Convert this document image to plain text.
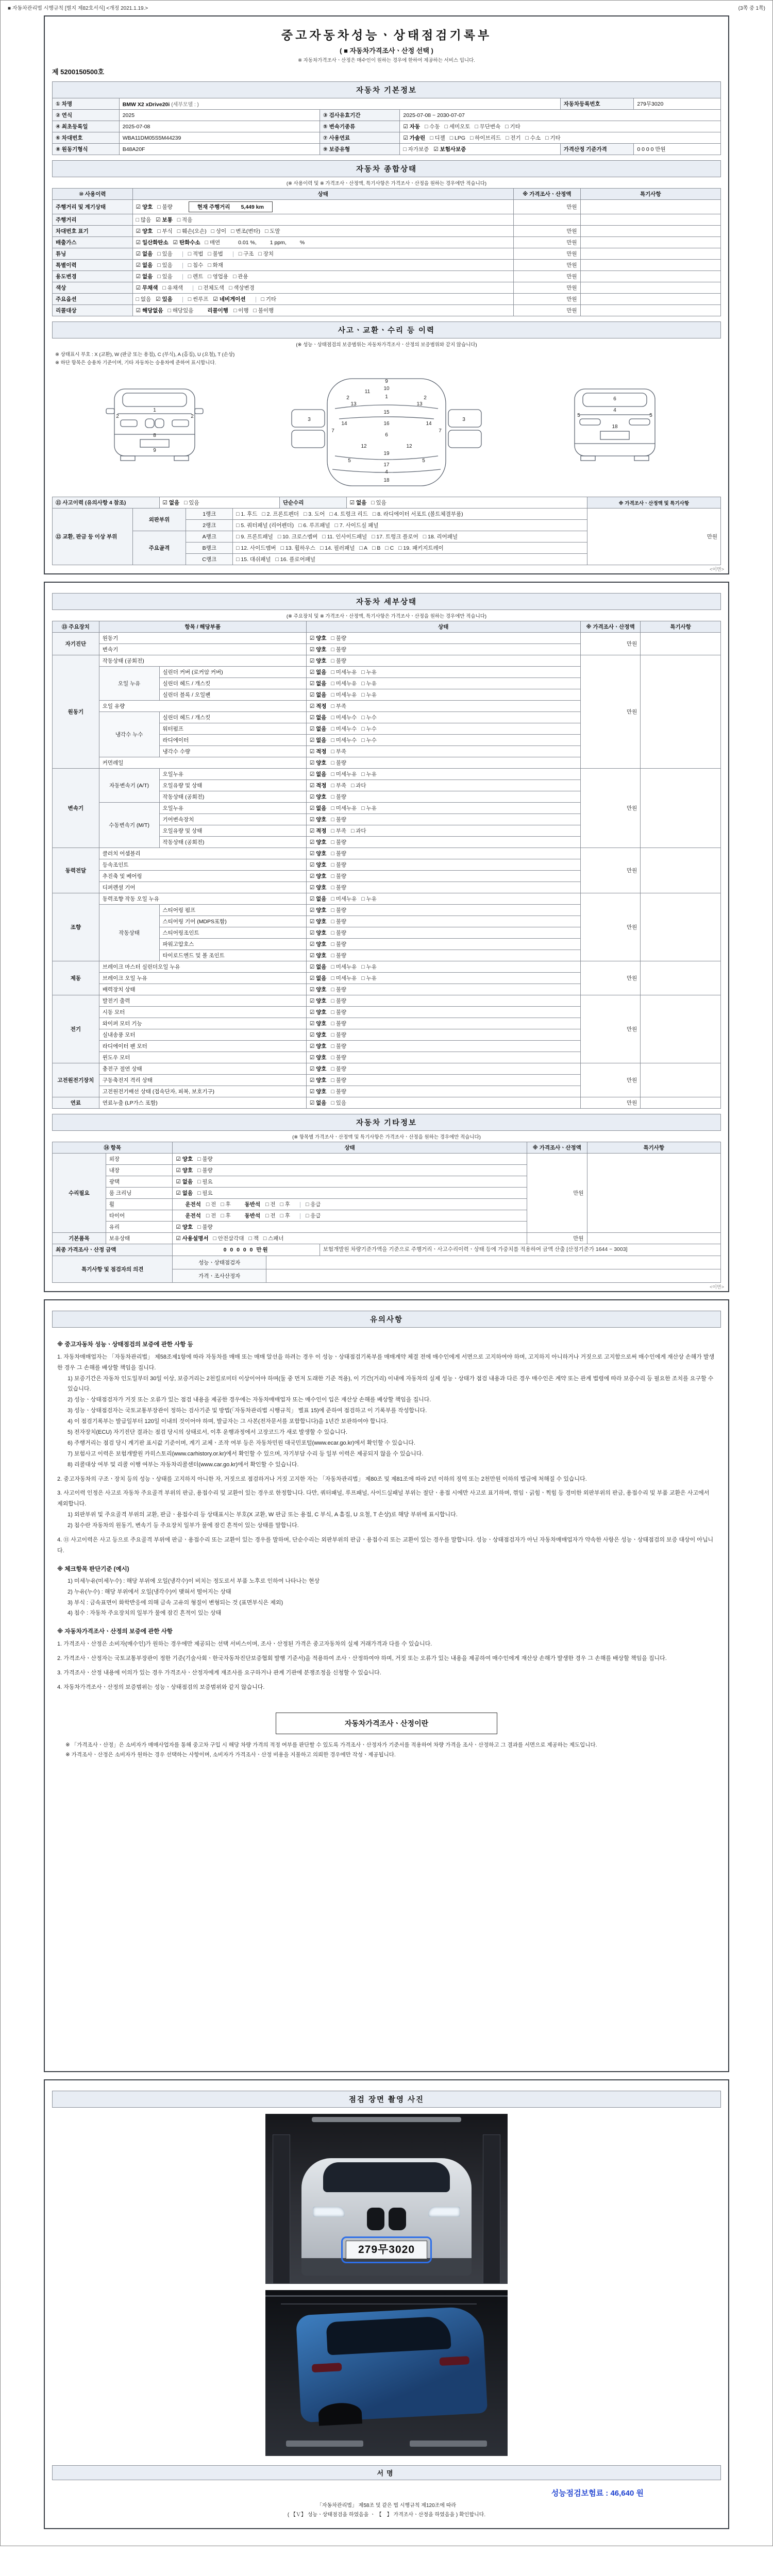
■ 자동차관리법 시행규칙 [별지 제82호서식] <개정 2021.1.19.>	(3쪽 중 1쪽)
중고자동차성능ㆍ상태점검기록부
( ■ 자동차가격조사ㆍ산정 선택 )
※ 자동차가격조사ㆍ산정은 매수인이 원하는 경우에 한하여 제공하는 서비스 입니다.
제 5200150500호
자동차 기본정보
① 차명	BMW X2 xDrive20i (세부모델 : )			자동차등록번호	279무3020
② 연식	2025	③ 검사유효기간	2025-07-08 ~ 2030-07-07		
④ 최초등록일	2025-07-08	⑤ 변속기종류	☑ 자동 □ 수동 □ 세미오토 □ 무단변속 □ 기타		
⑥ 차대번호	WBA11DM05S5M44239	⑦ 사용연료	☑ 가솔린 □ 디젤 □ LPG □ 하이브리드 □ 전기 □ 수소 □ 기타		
⑧ 원동기형식	B48A20F	⑨ 보증유형	□ 자가보증 ☑ 보험사보증	가격산정 기준가격	0 0 0 0 만원
자동차 종합상태
(※ 사용이력 및 ※ 가격조사ㆍ산정액, 특기사항은 가격조사ㆍ산정을 원하는 경우에만 적습니다)
⑩ 사용이력	상태	※ 가격조사ㆍ산정액	특기사항
주행거리 및 계기상태	☑ 양호 □ 불량 현재 주행거리　　5,449 km	만원	
주행거리	□ 많음 ☑ 보통 □ 적음		
차대번호 표기	☑ 양호 □ 부식 □ 훼손(오손) □ 상이 □ 변조(변타) □ 도말	만원	
배출가스	☑ 일산화탄소 ☑ 탄화수소 □ 매연 0.01 %, 1 ppm, %	만원	
튜닝	☑ 없음 □ 있음 □ 적법 □ 불법 □ 구조 □ 장치	만원	
특별이력	☑ 없음 □ 있음 □ 침수 □ 화재	만원	
용도변경	☑ 없음 □ 있음 □ 렌트 □ 영업용 □ 관용	만원	
색상	☑ 무채색 □ 유채색 □ 전체도색 □ 색상변경	만원	
주요옵션	□ 없음 ☑ 있음 □ 썬루프 ☑ 네비게이션 □ 기타	만원	
리콜대상	☑ 해당없음 □ 해당있음 리콜이행 □ 이행 □ 불이행	만원	
사고ㆍ교환ㆍ수리 등 이력
(※ 성능ㆍ상태점검의 보증범위는 자동차가격조사ㆍ산정의 보증범위와 같지 않습니다)
※ 상태표시 부호 : X (교환), W (판금 또는 용접), C (부식), A (흠집), U (요철), T (손상)
※ 하단 항목은 승용차 기준이며, 기타 자동차는 승용차에 준하여 표시합니다.
1
2	2
8
9
9
10
1
2	2
11
15
13	13
3	3
14	14
16
7	7
6
12	12
19
5	5
17
4
18
6
5	5
4
18
⑪ 사고이력 (유의사항 4 참조)	☑ 없음 □ 있음	단순수리	☑ 없음 □ 있음	※ 가격조사ㆍ산정액 및 특기사항
⑫ 교환, 판금 등 이상 부위	외판부위	1랭크	□ 1. 후드 □ 2. 프론트펜더 □ 3. 도어 □ 4. 트렁크 리드 □ 8. 라디에이터 서포트 (볼트체결부품)	만원
		2랭크	□ 5. 쿼터패널 (리어펜더) □ 6. 루프패널 □ 7. 사이드실 패널	
	주요골격	A랭크	□ 9. 프론트패널 □ 10. 크로스멤버 □ 11. 인사이드패널 □ 17. 트렁크 플로어 □ 18. 리어패널	
		B랭크	□ 12. 사이드멤버 □ 13. 휠하우스 □ 14. 필러패널 □ A □ B □ C □ 19. 패키지트레이	
		C랭크	□ 15. 대쉬패널 □ 16. 플로어패널	
<이면>
자동차 세부상태
(※ 주요장치 및 ※ 가격조사ㆍ산정액, 특기사항은 가격조사ㆍ산정을 원하는 경우에만 적습니다)
⑬ 주요장치	항목 / 해당부품		상태	※ 가격조사ㆍ산정액	특기사항
자기진단	원동기		☑ 양호 □ 불량	만원	
	변속기		☑ 양호 □ 불량		
원동기	작동상태 (공회전)		☑ 양호 □ 불량	만원	
	오일 누유	실린더 커버 (로커암 커버)	☑ 없음 □ 미세누유 □ 누유		
		실린더 헤드 / 개스킷	☑ 없음 □ 미세누유 □ 누유		
		실린더 블록 / 오일팬	☑ 없음 □ 미세누유 □ 누유		
	오일 유량		☑ 적정 □ 부족		
	냉각수 누수	실린더 헤드 / 개스킷	☑ 없음 □ 미세누수 □ 누수		
		워터펌프	☑ 없음 □ 미세누수 □ 누수		
		라디에이터	☑ 없음 □ 미세누수 □ 누수		
		냉각수 수량	☑ 적정 □ 부족		
	커먼레일		☑ 양호 □ 불량		
변속기	자동변속기 (A/T)	오일누유	☑ 없음 □ 미세누유 □ 누유	만원	
		오일유량 및 상태	☑ 적정 □ 부족 □ 과다		
		작동상태 (공회전)	☑ 양호 □ 불량		
	수동변속기 (M/T)	오일누유	☑ 없음 □ 미세누유 □ 누유		
		기어변속장치	☑ 양호 □ 불량		
		오일유량 및 상태	☑ 적정 □ 부족 □ 과다		
		작동상태 (공회전)	☑ 양호 □ 불량		
동력전달	클러치 어셈블리		☑ 양호 □ 불량	만원	
	등속조인트		☑ 양호 □ 불량		
	추진축 및 베어링		☑ 양호 □ 불량		
	디퍼렌셜 기어		☑ 양호 □ 불량		
조향	동력조향 작동 오일 누유		☑ 없음 □ 미세누유 □ 누유	만원	
	작동상태	스티어링 펌프	☑ 양호 □ 불량		
		스티어링 기어 (MDPS포함)	☑ 양호 □ 불량		
		스티어링조인트	☑ 양호 □ 불량		
		파워고압호스	☑ 양호 □ 불량		
		타이로드엔드 및 볼 조인트	☑ 양호 □ 불량		
제동	브레이크 마스터 실린더오일 누유		☑ 없음 □ 미세누유 □ 누유	만원	
	브레이크 오일 누유		☑ 없음 □ 미세누유 □ 누유		
	배력장치 상태		☑ 양호 □ 불량		
전기	발전기 출력		☑ 양호 □ 불량	만원	
	시동 모터		☑ 양호 □ 불량		
	와이퍼 모터 기능		☑ 양호 □ 불량		
	실내송풍 모터		☑ 양호 □ 불량		
	라디에이터 팬 모터		☑ 양호 □ 불량		
	윈도우 모터		☑ 양호 □ 불량		
고전원전기장치	충전구 절연 상태		☑ 양호 □ 불량	만원	
	구동축전지 격리 상태		☑ 양호 □ 불량		
	고전원전기배선 상태 (접속단자, 피복, 보호기구)		☑ 양호 □ 불량		
연료	연료누출 (LP가스 포함)		☑ 없음 □ 있음	만원	
자동차 기타정보
(※ 항목별 가격조사ㆍ산정액 및 특기사항은 가격조사ㆍ산정을 원하는 경우에만 적습니다)
⑭ 항목		상태	※ 가격조사ㆍ산정액	특기사항
수리필요	외장	☑ 양호 □ 불량	만원	
	내장	☑ 양호 □ 불량		
	광택	☑ 없음 □ 필요		
	룸 크리닝	☑ 없음 □ 필요		
	휠	운전석 □ 전 □ 후 동반석 □ 전 □ 후 □ 응급		
	타이어	운전석 □ 전 □ 후 동반석 □ 전 □ 후 □ 응급		
	유리	☑ 양호 □ 불량		
기본품목	보유상태	☑ 사용설명서 □ 안전삼각대 □ 잭 □ 스패너	만원	
최종 가격조사ㆍ산정 금액	0 0 0 0 0 만원	보험개발원 차량기준가액을 기준으로 주행거리ㆍ사고수리이력ㆍ상태 등에 가중치를 적용하여 금액 산출 [산정기준가 1644 ~ 3003]
특기사항 및 점검자의 의견	성능ㆍ상태점검자	
	가격ㆍ조사산정자	
<이면>
유의사항
※ 중고자동차 성능ㆍ상태점검의 보증에 관한 사항 등
1. 자동차매매업자는 「자동차관리법」 제58조제1항에 따라 자동차를 매매 또는 매매 알선을 하려는 경우 이 성능ㆍ상태점검기록부를 매매계약 체결 전에 매수인에게 서면으로 고지하여야 하며, 고지하지 아니하거나 거짓으로 고지함으로써 매수인에게 재산상 손해가 발생한 경우 그 손해를 배상할 책임을 집니다.
1) 보증기간은 자동차 인도일부터 30일 이상, 보증거리는 2천킬로미터 이상이어야 하며(둘 중 먼저 도래한 기준 적용), 이 기간(거리) 이내에 자동차의 실제 성능ㆍ상태가 점검 내용과 다른 경우 매수인은 계약 또는 관계 법령에 따라 보증수리 등 필요한 조치를 요구할 수 있습니다.
2) 성능ㆍ상태점검자가 거짓 또는 오류가 있는 점검 내용을 제공한 경우에는 자동차매매업자 또는 매수인이 입은 재산상 손해를 배상할 책임을 집니다.
3) 성능ㆍ상태점검자는 국토교통부장관이 정하는 검사기준 및 방법(「자동차관리법 시행규칙」 별표 15)에 준하여 점검하고 이 기록부를 작성합니다.
4) 이 점검기록부는 발급일부터 120일 이내의 것이어야 하며, 발급자는 그 사본(전자문서를 포함합니다)을 1년간 보관하여야 합니다.
5) 전자장치(ECU) 자기진단 결과는 점검 당시의 상태로서, 이후 운행과정에서 고장코드가 새로 발생할 수 있습니다.
6) 주행거리는 점검 당시 계기판 표시값 기준이며, 계기 교체ㆍ조작 여부 등은 자동차민원 대국민포털(www.ecar.go.kr)에서 확인할 수 있습니다.
7) 보험사고 이력은 보험개발원 카히스토리(www.carhistory.or.kr)에서 확인할 수 있으며, 자기부담 수리 등 일부 이력은 제공되지 않을 수 있습니다.
8) 리콜대상 여부 및 리콜 이행 여부는 자동차리콜센터(www.car.go.kr)에서 확인할 수 있습니다.
2. 중고자동차의 구조ㆍ장치 등의 성능ㆍ상태를 고지하지 아니한 자, 거짓으로 점검하거나 거짓 고지한 자는 「자동차관리법」 제80조 및 제81조에 따라 2년 이하의 징역 또는 2천만원 이하의 벌금에 처해질 수 있습니다.
3. 사고이력 인정은 사고로 자동차 주요골격 부위의 판금, 용접수리 및 교환이 있는 경우로 한정합니다. 다만, 쿼터패널, 루프패널, 사이드실패널 부위는 절단ㆍ용접 시에만 사고로 표기하며, 꺾임ㆍ긁힘ㆍ찍힘 등 경미한 외판부위의 판금, 용접수리 및 부품 교환은 사고에서 제외합니다.
1) 외판부위 및 주요골격 부위의 교환, 판금ㆍ용접수리 등 상태표시는 부호(X 교환, W 판금 또는 용접, C 부식, A 흠집, U 요철, T 손상)로 해당 부위에 표시합니다.
2) 침수란 자동차의 원동기, 변속기 등 주요장치 일부가 물에 잠긴 흔적이 있는 상태를 말합니다.
4. ⑪ 사고이력은 사고 등으로 주요골격 부위에 판금ㆍ용접수리 또는 교환이 있는 경우를 말하며, 단순수리는 외판부위의 판금ㆍ용접수리 또는 교환이 있는 경우를 말합니다. 성능ㆍ상태점검자가 아닌 자동차매매업자가 약속한 사항은 성능ㆍ상태점검의 보증 대상이 아닙니다.
※ 체크항목 판단기준 (예시)
1) 미세누유(미세누수) : 해당 부위에 오일(냉각수)이 비치는 정도로서 부품 노후로 인하여 나타나는 현상
2) 누유(누수) : 해당 부위에서 오일(냉각수)이 맺혀서 떨어지는 상태
3) 부식 : 금속표면이 화학반응에 의해 금속 고유의 형질이 변형되는 것 (표면부식은 제외)
4) 침수 : 자동차 주요장치의 일부가 물에 잠긴 흔적이 있는 상태
※ 자동차가격조사ㆍ산정의 보증에 관한 사항
1. 가격조사ㆍ산정은 소비자(매수인)가 원하는 경우에만 제공되는 선택 서비스이며, 조사ㆍ산정된 가격은 중고자동차의 실제 거래가격과 다를 수 있습니다.
2. 가격조사ㆍ산정자는 국토교통부장관이 정한 기준(기술사회ㆍ한국자동차진단보증협회 발행 기준서)을 적용하여 조사ㆍ산정하여야 하며, 거짓 또는 오류가 있는 내용을 제공하여 매수인에게 재산상 손해가 발생한 경우 그 손해를 배상할 책임을 집니다.
3. 가격조사ㆍ산정 내용에 이의가 있는 경우 가격조사ㆍ산정자에게 재조사를 요구하거나 관계 기관에 분쟁조정을 신청할 수 있습니다.
4. 자동차가격조사ㆍ산정의 보증범위는 성능ㆍ상태점검의 보증범위와 같지 않습니다.
자동차가격조사ㆍ산정이란
※ 「가격조사ㆍ산정」은 소비자가 매매사업자를 통해 중고차 구입 시 해당 차량 가격의 적정 여부를 판단할 수 있도록 가격조사ㆍ산정자가 기준서를 적용하여 차량 가격을 조사ㆍ산정하고 그 결과를 서면으로 제공하는 제도입니다.
※ 가격조사ㆍ산정은 소비자가 원하는 경우 선택하는 사항이며, 소비자가 가격조사ㆍ산정 비용을 지불하고 의뢰한 경우에만 작성ㆍ제공됩니다.
점검 장면 촬영 사진
279무3020
서명
성능점검보험료 : 46,640 원
「자동차관리법」 제58조 및 같은 법 시행규칙 제120조에 따라
( 【Ｖ】 성능ㆍ상태점검을 하였음을 ㆍ 【　】 가격조사ㆍ산정을 하였음을 ) 확인합니다.
